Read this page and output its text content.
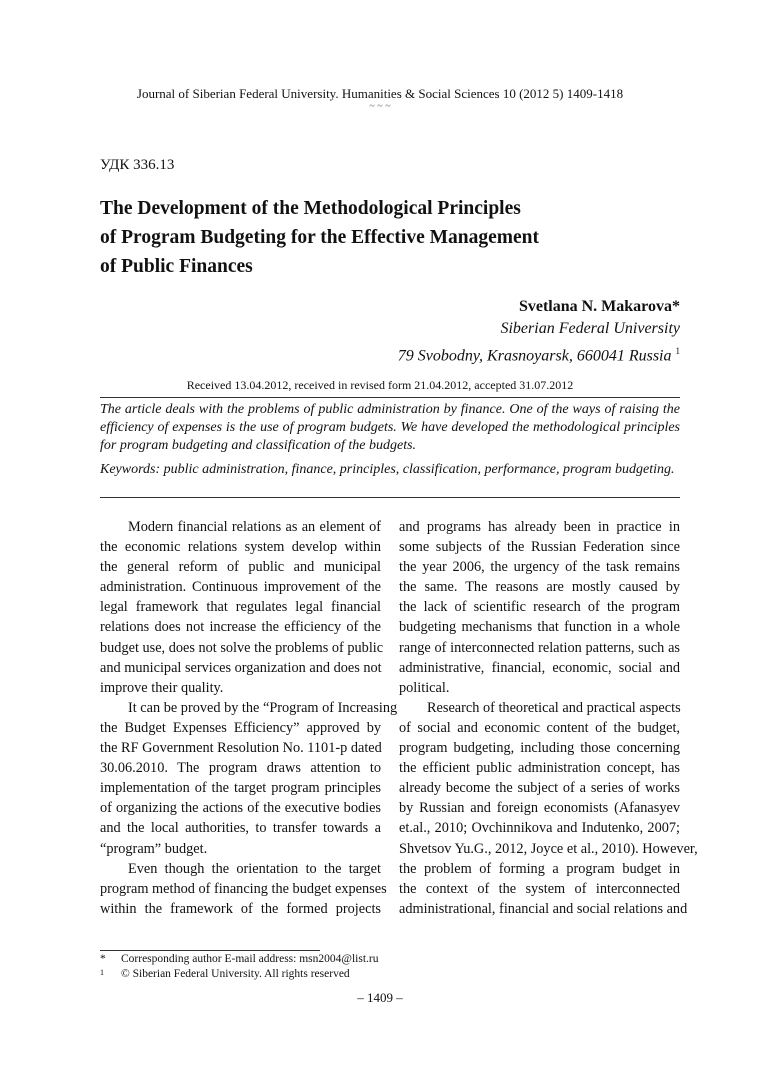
Journal of Siberian Federal University. Humanities & Social Sciences 10 (2012 5) 1409-1418
~ ~ ~
УДК 336.13
The Development of the Methodological Principles
of Program Budgeting for the Effective Management
of Public Finances
Svetlana N. Makarova*
Siberian Federal University
79 Svobodny, Krasnoyarsk, 660041 Russia $^1$
Received 13.04.2012, received in revised form 21.04.2012, accepted 31.07.2012
The article deals with the problems of public administration by finance. One of the ways of raising the efficiency of expenses is the use of program budgets. We have developed the methodological principles for program budgeting and classification of the budgets.
Keywords: public administration, finance, principles, classification, performance, program budgeting.
Modern financial relations as an element of
the economic relations system develop within
the general reform of public and municipal
administration. Continuous improvement of the
legal framework that regulates legal financial
relations does not increase the efficiency of the
budget use, does not solve the problems of public
and municipal services organization and does not
improve their quality.
It can be proved by the “Program of Increasing
the Budget Expenses Efficiency” approved by
the RF Government Resolution No. 1101-p dated
30.06.2010. The program draws attention to
implementation of the target program principles
of organizing the actions of the executive bodies
and the local authorities, to transfer towards a
“program” budget.
Even though the orientation to the target
program method of financing the budget expenses
within the framework of the formed projects
and programs has already been in practice in
some subjects of the Russian Federation since
the year 2006, the urgency of the task remains
the same. The reasons are mostly caused by
the lack of scientific research of the program
budgeting mechanisms that function in a whole
range of interconnected relation patterns, such as
administrative, financial, economic, social and
political.
Research of theoretical and practical aspects
of social and economic content of the budget,
program budgeting, including those concerning
the efficient public administration concept, has
already become the subject of a series of works
by Russian and foreign economists (Afanasyev
et.al., 2010; Ovchinnikova and Indutenko, 2007;
Shvetsov Yu.G., 2012, Joyce et al., 2010). However,
the problem of forming a program budget in
the context of the system of interconnected
administrational, financial and social relations and
* Corresponding author E-mail address: msn2004@list.ru
1 © Siberian Federal University. All rights reserved
– 1409 –
